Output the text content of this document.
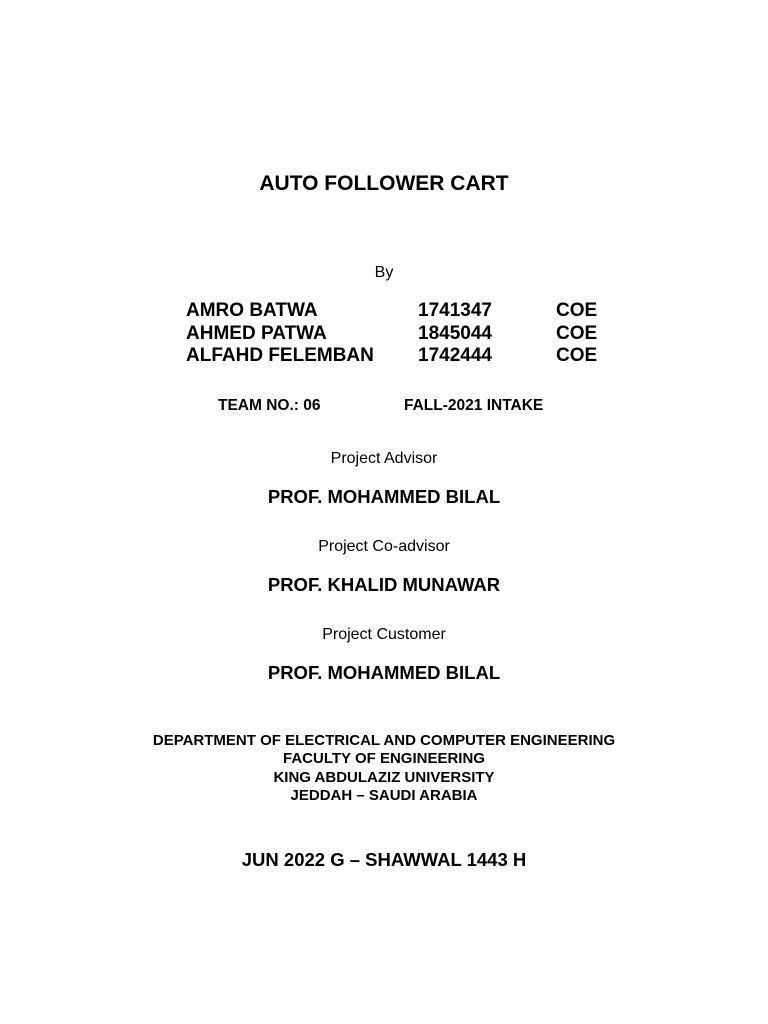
AUTO FOLLOWER CART
By
AMRO BATWA	1741347	COE
AHMED PATWA	1845044	COE
ALFAHD FELEMBAN 1742444	COE
TEAM NO.: 06	FALL-2021 INTAKE
Project Advisor
PROF. MOHAMMED BILAL
Project Co-advisor
PROF. KHALID MUNAWAR
Project Customer
PROF. MOHAMMED BILAL
DEPARTMENT OF ELECTRICAL AND COMPUTER ENGINEERING
FACULTY OF ENGINEERING
KING ABDULAZIZ UNIVERSITY
JEDDAH – SAUDI ARABIA
JUN 2022 G – SHAWWAL 1443 H
